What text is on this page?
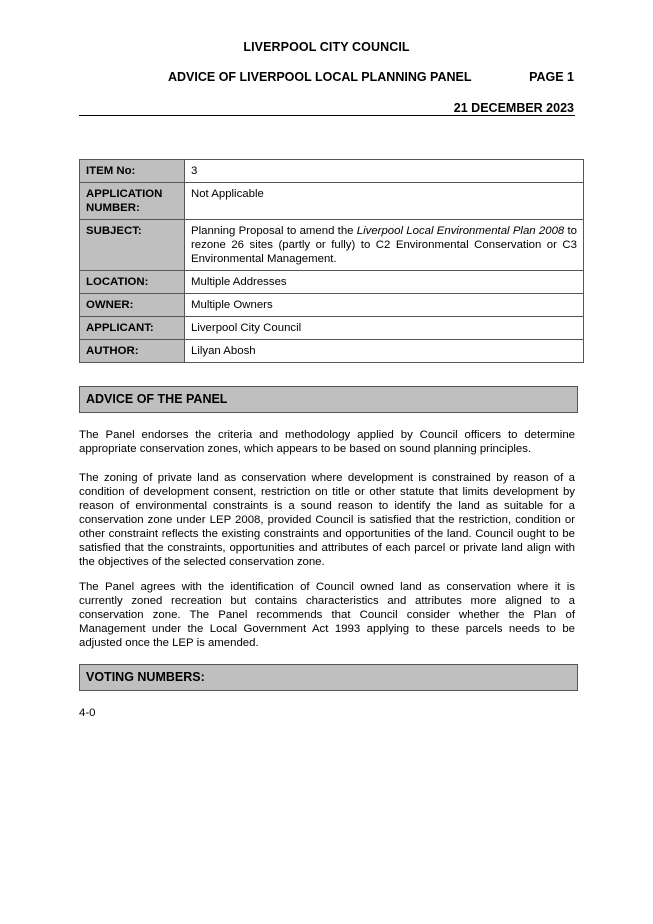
LIVERPOOL CITY COUNCIL
ADVICE OF LIVERPOOL LOCAL PLANNING PANEL	PAGE 1
21 DECEMBER 2023
ITEM No:	3
APPLICATION NUMBER:	Not Applicable
SUBJECT:	Planning Proposal to amend the Liverpool Local Environmental Plan 2008 to rezone 26 sites (partly or fully) to C2 Environmental Conservation or C3 Environmental Management.
LOCATION:	Multiple Addresses
OWNER:	Multiple Owners
APPLICANT:	Liverpool City Council
AUTHOR:	Lilyan Abosh
ADVICE OF THE PANEL

The Panel endorses the criteria and methodology applied by Council officers to determine appropriate conservation zones, which appears to be based on sound planning principles.

The zoning of private land as conservation where development is constrained by reason of a condition of development consent, restriction on title or other statute that limits development by reason of environmental constraints is a sound reason to identify the land as suitable for a conservation zone under LEP 2008, provided Council is satisfied that the restriction, condition or other constraint reflects the existing constraints and opportunities of the land. Council ought to be satisfied that the constraints, opportunities and attributes of each parcel or private land align with the objectives of the selected conservation zone.

The Panel agrees with the identification of Council owned land as conservation where it is currently zoned recreation but contains characteristics and attributes more aligned to a conservation zone. The Panel recommends that Council consider whether the Plan of Management under the Local Government Act 1993 applying to these parcels needs to be adjusted once the LEP is amended.

VOTING NUMBERS:
4-0
